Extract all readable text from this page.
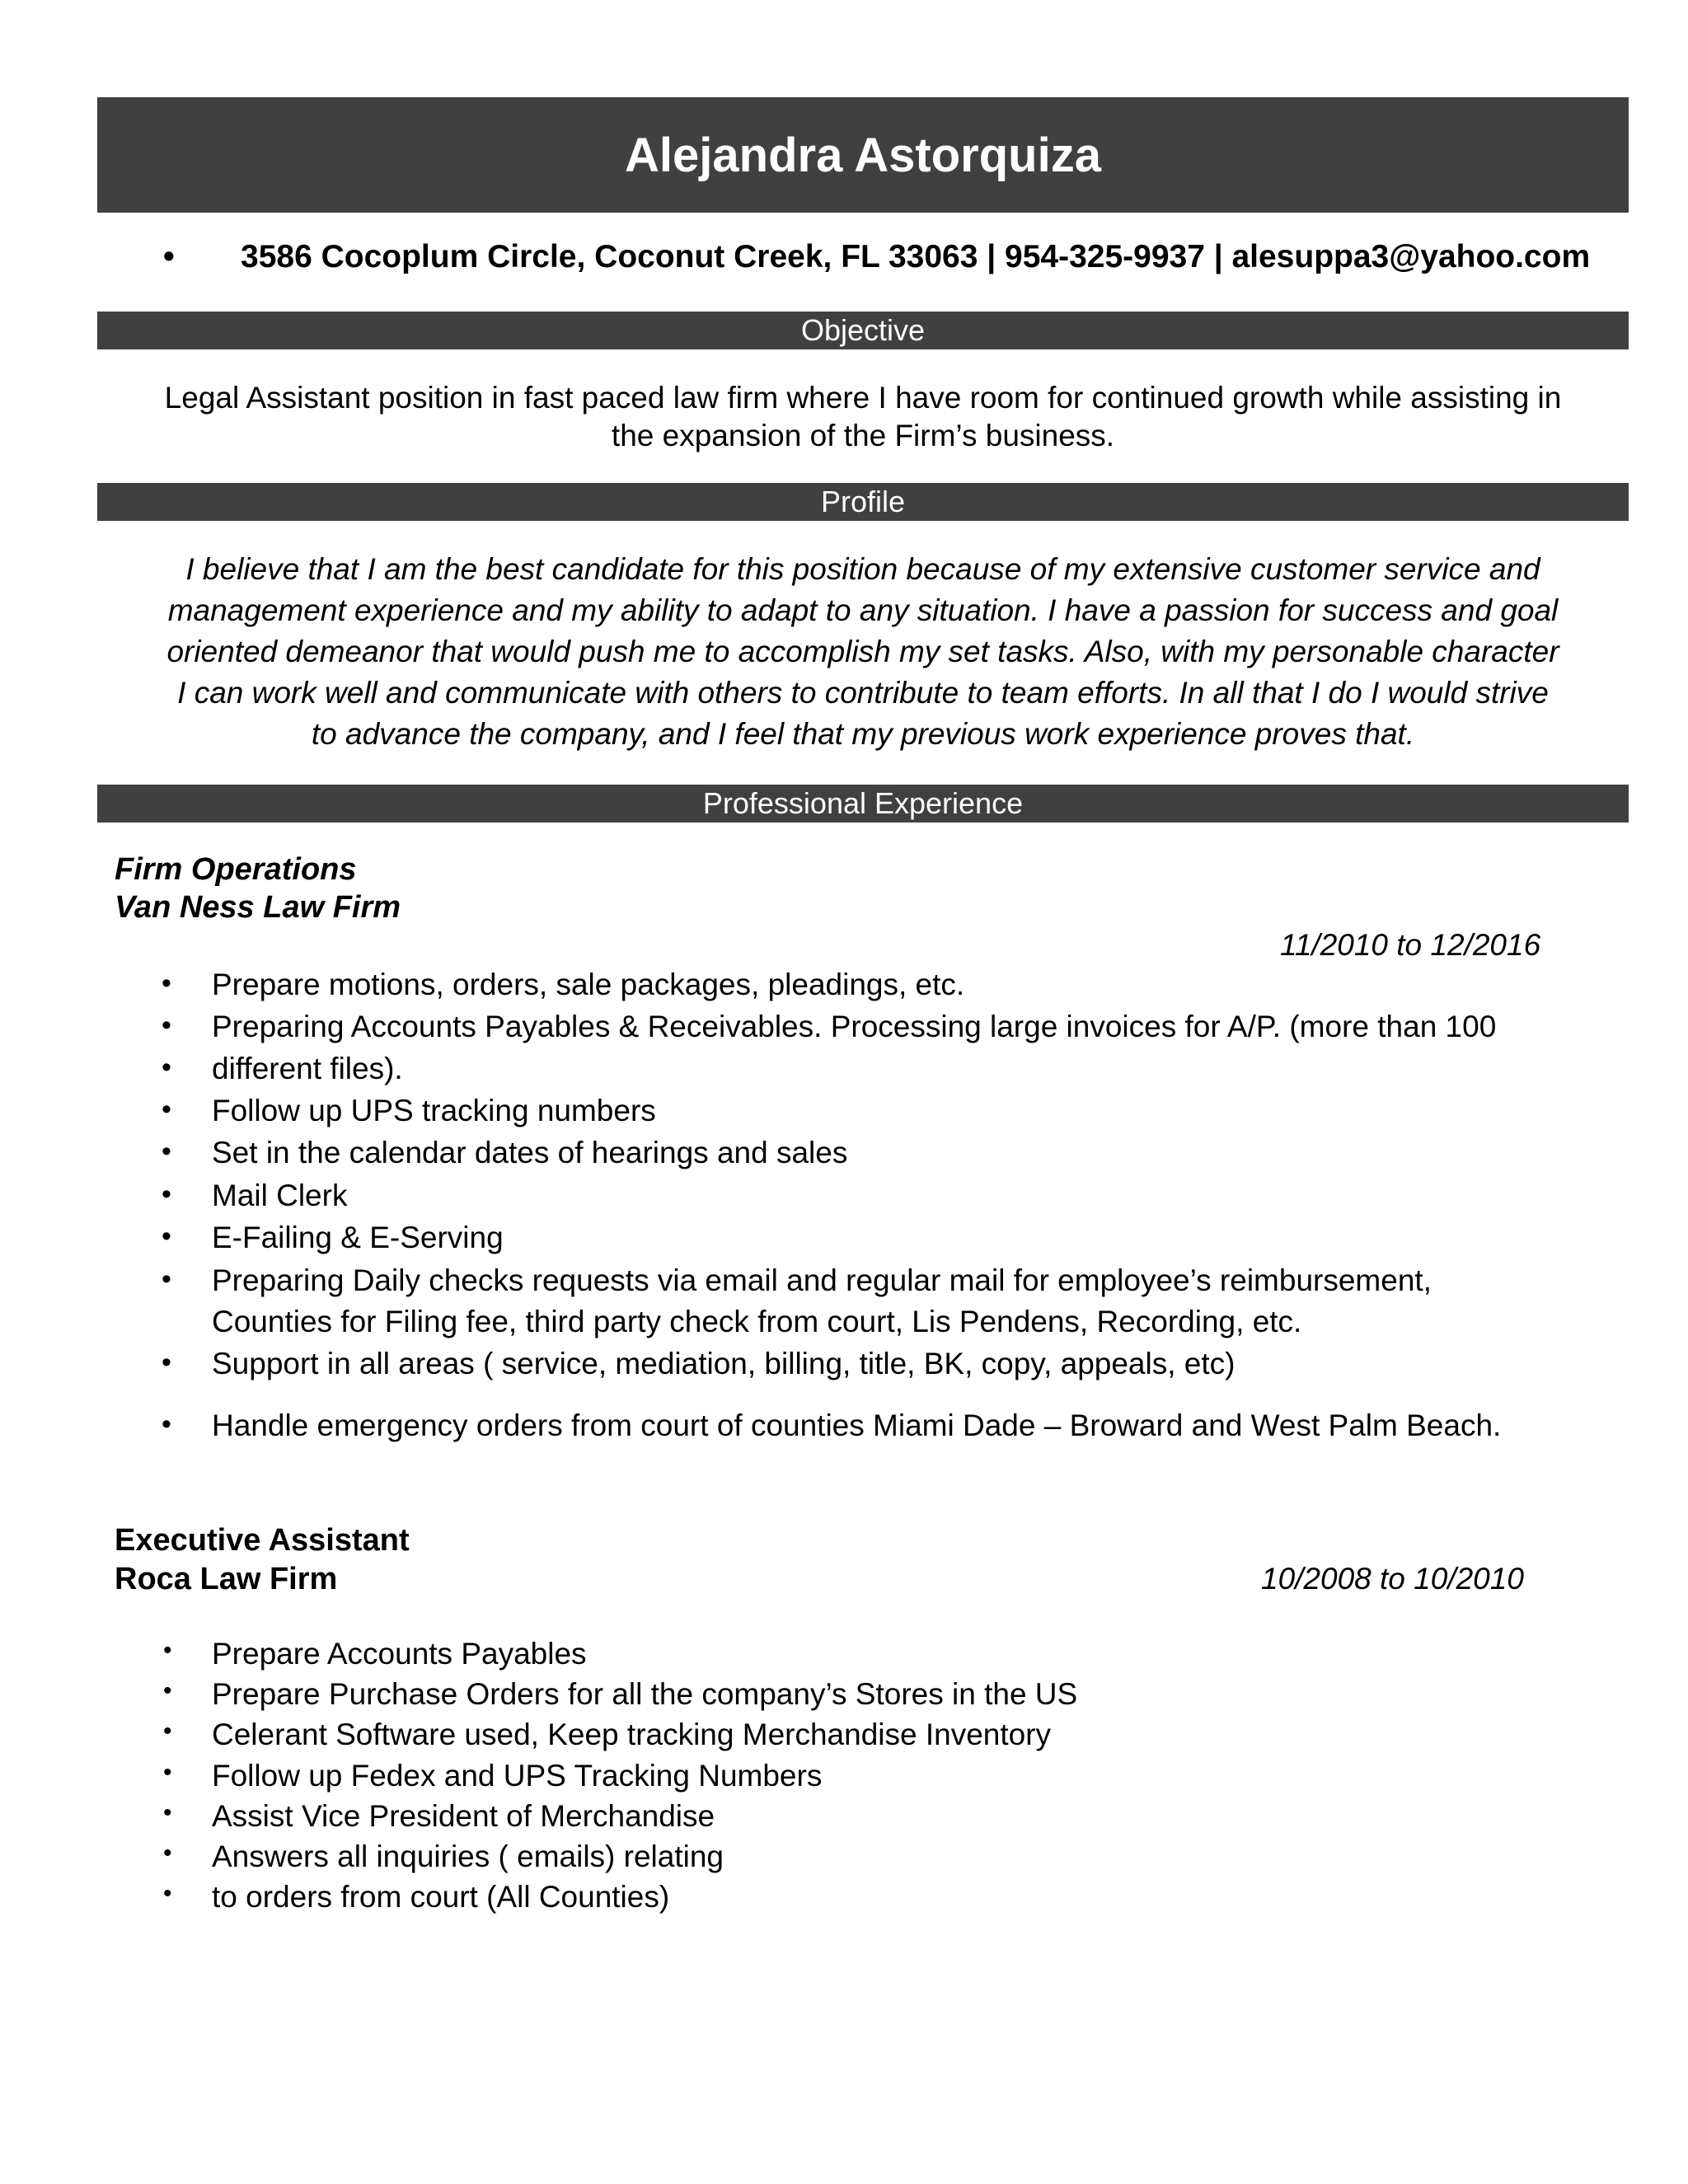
Alejandra Astorquiza
• 3586 Cocoplum Circle, Coconut Creek, FL 33063 | 954-325-9937 | alesuppa3@yahoo.com
Objective
Legal Assistant position in fast paced law firm where I have room for continued growth while assisting in
the expansion of the Firm’s business.
Profile
I believe that I am the best candidate for this position because of my extensive customer service and
management experience and my ability to adapt to any situation. I have a passion for success and goal
oriented demeanor that would push me to accomplish my set tasks. Also, with my personable character
I can work well and communicate with others to contribute to team efforts. In all that I do I would strive
to advance the company, and I feel that my previous work experience proves that.
Professional Experience
Firm Operations
Van Ness Law Firm
11/2010 to 12/2016
• Prepare motions, orders, sale packages, pleadings, etc.
• Preparing Accounts Payables & Receivables. Processing large invoices for A/P. (more than 100
• different files).
• Follow up UPS tracking numbers
• Set in the calendar dates of hearings and sales
• Mail Clerk
• E-Failing & E-Serving
• Preparing Daily checks requests via email and regular mail for employee’s reimbursement,
Counties for Filing fee, third party check from court, Lis Pendens, Recording, etc.
• Support in all areas ( service, mediation, billing, title, BK, copy, appeals, etc)
• Handle emergency orders from court of counties Miami Dade – Broward and West Palm Beach.
Executive Assistant
Roca Law Firm	10/2008 to 10/2010
• Prepare Accounts Payables
• Prepare Purchase Orders for all the company’s Stores in the US
• Celerant Software used, Keep tracking Merchandise Inventory
• Follow up Fedex and UPS Tracking Numbers
• Assist Vice President of Merchandise
• Answers all inquiries ( emails) relating
• to orders from court (All Counties)
